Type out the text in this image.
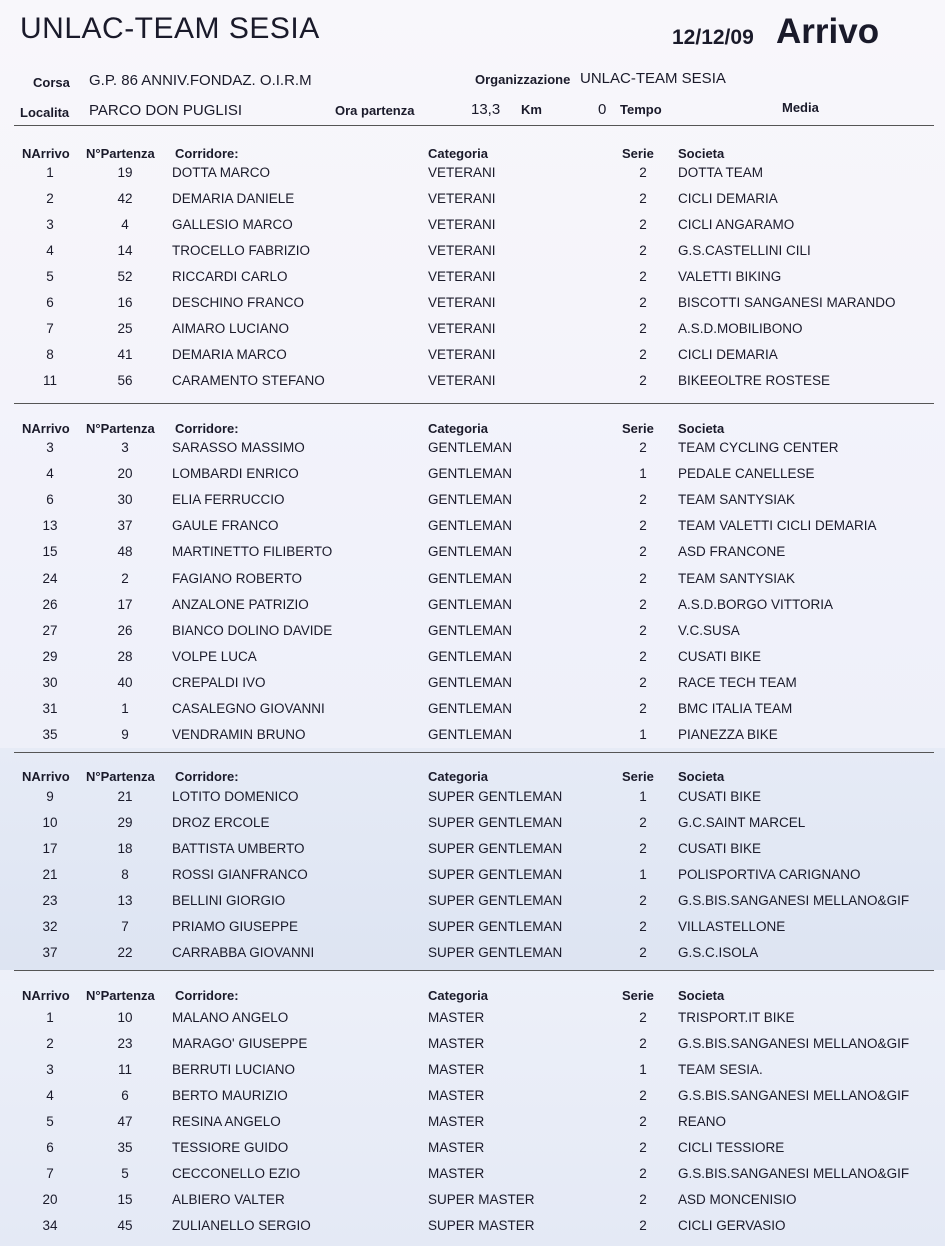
UNLAC-TEAM SESIA	12/12/09 Arrivo
Corsa G.P. 86 ANNIV.FONDAZ. O.I.R.M	Organizzazione UNLAC-TEAM SESIA
Localita PARCO DON PUGLISI	Ora partenza	13,3 Km	0 Tempo	Media
NArrivo N°Partenza Corridore:	Categoria	Serie Societa
1	19	DOTTA MARCO	VETERANI	2	DOTTA TEAM
2	42	DEMARIA DANIELE	VETERANI	2	CICLI DEMARIA
3	4	GALLESIO MARCO	VETERANI	2	CICLI ANGARAMO
4	14	TROCELLO FABRIZIO	VETERANI	2	G.S.CASTELLINI CILI
5	52	RICCARDI CARLO	VETERANI	2	VALETTI BIKING
6	16	DESCHINO FRANCO	VETERANI	2	BISCOTTI SANGANESI MARANDO
7	25	AIMARO LUCIANO	VETERANI	2	A.S.D.MOBILIBONO
8	41	DEMARIA MARCO	VETERANI	2	CICLI DEMARIA
11	56	CARAMENTO STEFANO	VETERANI	2	BIKEEOLTRE ROSTESE
NArrivo N°Partenza Corridore:	Categoria	Serie Societa
3	3	SARASSO MASSIMO	GENTLEMAN	2	TEAM CYCLING CENTER
4	20	LOMBARDI ENRICO	GENTLEMAN	1	PEDALE CANELLESE
6	30	ELIA FERRUCCIO	GENTLEMAN	2	TEAM SANTYSIAK
13	37	GAULE FRANCO	GENTLEMAN	2	TEAM VALETTI CICLI DEMARIA
15	48	MARTINETTO FILIBERTO	GENTLEMAN	2	ASD FRANCONE
24	2	FAGIANO ROBERTO	GENTLEMAN	2	TEAM SANTYSIAK
26	17	ANZALONE PATRIZIO	GENTLEMAN	2	A.S.D.BORGO VITTORIA
27	26	BIANCO DOLINO DAVIDE	GENTLEMAN	2	V.C.SUSA
29	28	VOLPE LUCA	GENTLEMAN	2	CUSATI BIKE
30	40	CREPALDI IVO	GENTLEMAN	2	RACE TECH TEAM
31	1	CASALEGNO GIOVANNI	GENTLEMAN	2	BMC ITALIA TEAM
35	9	VENDRAMIN BRUNO	GENTLEMAN	1	PIANEZZA BIKE
NArrivo N°Partenza Corridore:	Categoria	Serie Societa
9	21	LOTITO DOMENICO	SUPER GENTLEMAN	1	CUSATI BIKE
10	29	DROZ ERCOLE	SUPER GENTLEMAN	2	G.C.SAINT MARCEL
17	18	BATTISTA UMBERTO	SUPER GENTLEMAN	2	CUSATI BIKE
21	8	ROSSI GIANFRANCO	SUPER GENTLEMAN	1	POLISPORTIVA CARIGNANO
23	13	BELLINI GIORGIO	SUPER GENTLEMAN	2	G.S.BIS.SANGANESI MELLANO&GIF
32	7	PRIAMO GIUSEPPE	SUPER GENTLEMAN	2	VILLASTELLONE
37	22	CARRABBA GIOVANNI	SUPER GENTLEMAN	2	G.S.C.ISOLA
NArrivo N°Partenza Corridore:	Categoria	Serie Societa
1	10	MALANO ANGELO	MASTER	2	TRISPORT.IT BIKE
2	23	MARAGO' GIUSEPPE	MASTER	2	G.S.BIS.SANGANESI MELLANO&GIF
3	11	BERRUTI LUCIANO	MASTER	1	TEAM SESIA.
4	6	BERTO MAURIZIO	MASTER	2	G.S.BIS.SANGANESI MELLANO&GIF
5	47	RESINA ANGELO	MASTER	2	REANO
6	35	TESSIORE GUIDO	MASTER	2	CICLI TESSIORE
7	5	CECCONELLO EZIO	MASTER	2	G.S.BIS.SANGANESI MELLANO&GIF
20	15	ALBIERO VALTER	SUPER MASTER	2	ASD MONCENISIO
34	45	ZULIANELLO SERGIO	SUPER MASTER	2	CICLI GERVASIO
